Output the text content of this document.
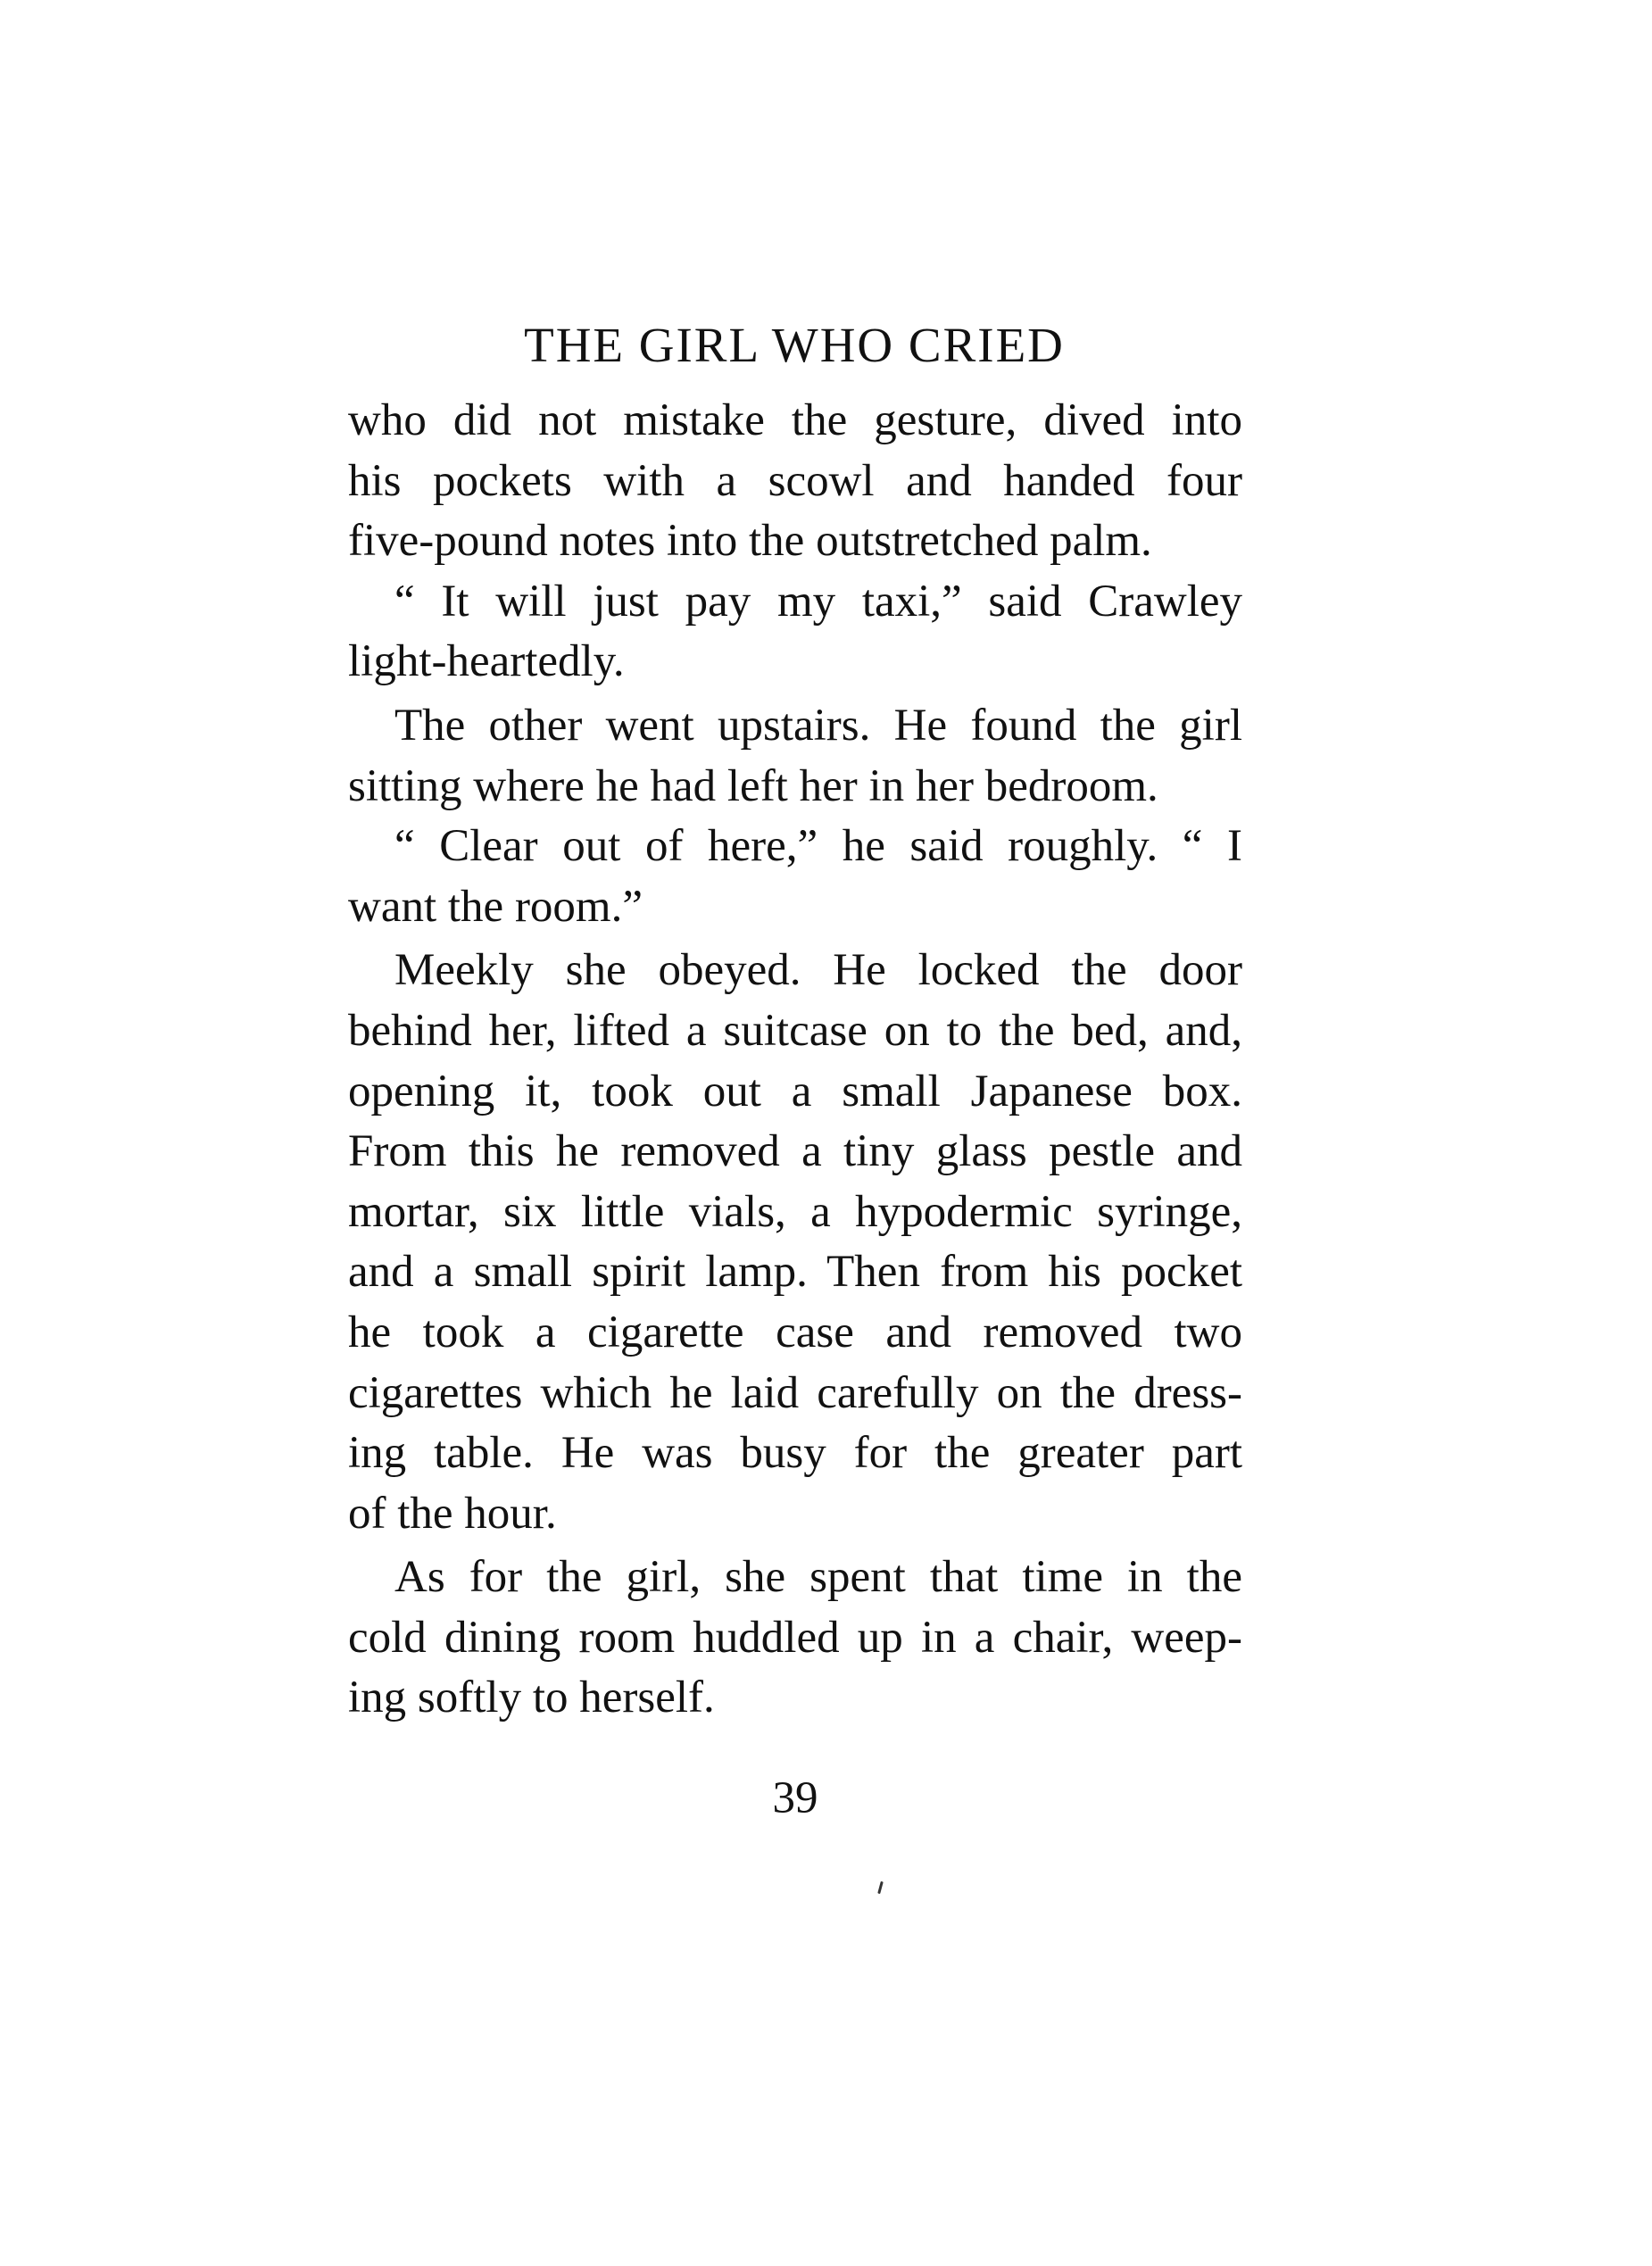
THE GIRL WHO CRIED
who did not mistake the gesture, dived into
his pockets with a scowl and handed four
five-pound notes into the outstretched palm.
“ It will just pay my taxi,” said Crawley
light-heartedly.
The other went upstairs. He found the girl
sitting where he had left her in her bedroom.
“ Clear out of here,” he said roughly. “ I
want the room.”
Meekly she obeyed. He locked the door
behind her, lifted a suitcase on to the bed, and,
opening it, took out a small Japanese box.
From this he removed a tiny glass pestle and
mortar, six little vials, a hypodermic syringe,
and a small spirit lamp. Then from his pocket
he took a cigarette case and removed two
cigarettes which he laid carefully on the dress-
ing table. He was busy for the greater part
of the hour.
As for the girl, she spent that time in the
cold dining room huddled up in a chair, weep-
ing softly to herself.
39
